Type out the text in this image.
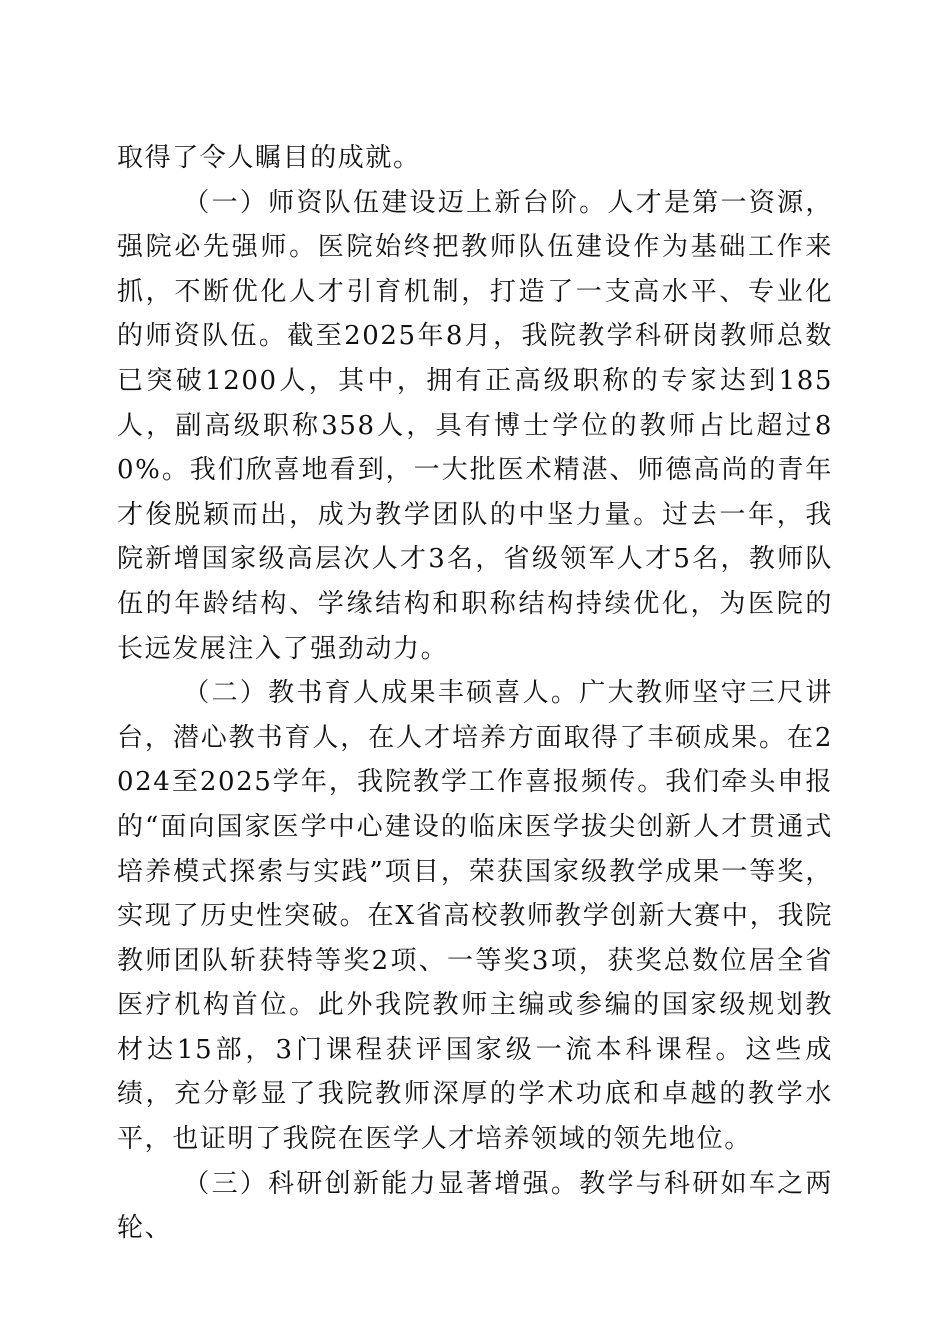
取得了令人瞩目的成就。

（一）师资队伍建设迈上新台阶。人才是第一资源，强院必先强师。医院始终把教师队伍建设作为基础工作来抓，不断优化人才引育机制，打造了一支高水平、专业化的师资队伍。截至2025年8月，我院教学科研岗教师总数已突破1200人，其中，拥有正高级职称的专家达到185人，副高级职称358人，具有博士学位的教师占比超过80%。我们欣喜地看到，一大批医术精湛、师德高尚的青年才俊脱颖而出，成为教学团队的中坚力量。过去一年，我院新增国家级高层次人才3名，省级领军人才5名，教师队伍的年龄结构、学缘结构和职称结构持续优化，为医院的长远发展注入了强劲动力。

（二）教书育人成果丰硕喜人。广大教师坚守三尺讲台，潜心教书育人，在人才培养方面取得了丰硕成果。在2024至2025学年，我院教学工作喜报频传。我们牵头申报的“面向国家医学中心建设的临床医学拔尖创新人才贯通式培养模式探索与实践”项目，荣获国家级教学成果一等奖，实现了历史性突破。在X省高校教师教学创新大赛中，我院教师团队斩获特等奖2项、一等奖3项，获奖总数位居全省医疗机构首位。此外我院教师主编或参编的国家级规划教材达15部，3门课程获评国家级一流本科课程。这些成绩，充分彰显了我院教师深厚的学术功底和卓越的教学水平，也证明了我院在医学人才培养领域的领先地位。

（三）科研创新能力显著增强。教学与科研如车之两轮、
